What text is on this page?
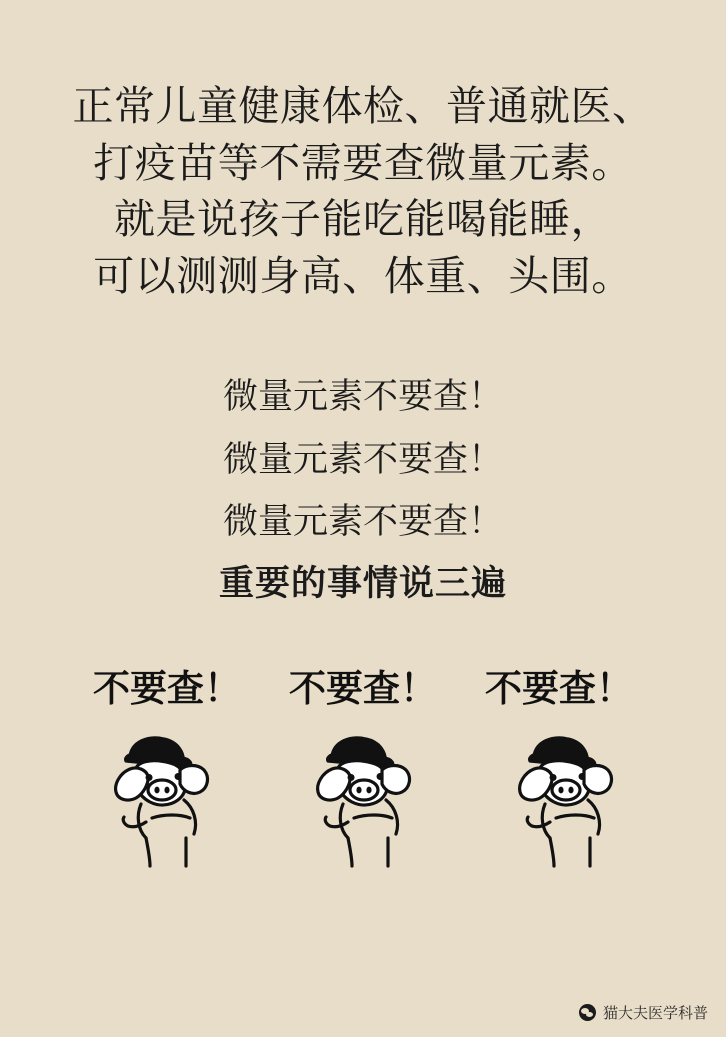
正常儿童健康体检、普通就医、
打疫苗等不需要查微量元素。
就是说孩子能吃能喝能睡，
可以测测身高、体重、头围。
微量元素不要查！
微量元素不要查！
微量元素不要查！
重要的事情说三遍
不要查！ 不要查！ 不要查！
猫大夫医学科普
